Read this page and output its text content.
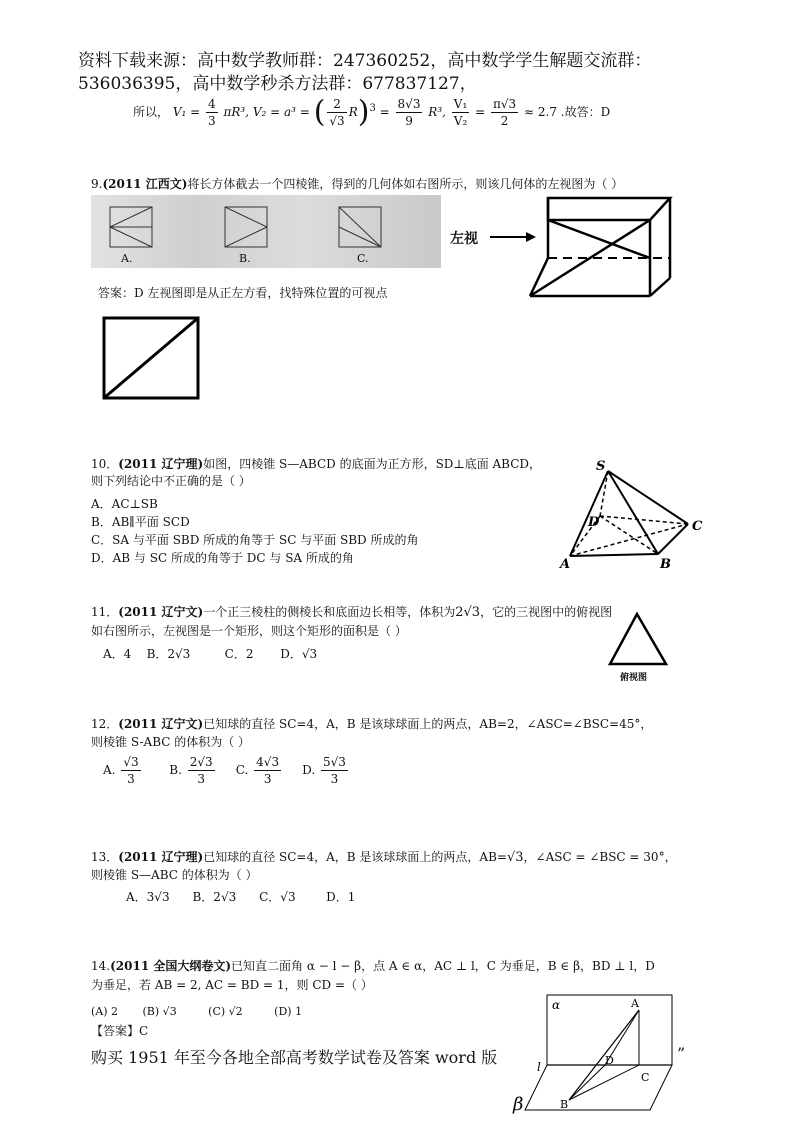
资料下载来源：高中数学教师群：247360252，高中数学学生解题交流群：
536036395，高中数学秒杀方法群：677837127，
所以， $V_1 = \frac{4}{3} \pi R^3$, V₂ = a³ = ( $\frac{2}{√3} R)^3 = \frac{8√3}{9} R^3$, $\frac{\text{V₁}}{\text{V₂}} = \frac{\pi√3}{2} \approx 2.7$ .故答：D
9.(2011 江西文)将长方体截去一个四棱锥，得到的几何体如右图所示，则该几何体的左视图为（ ）
A.	B.	C.
左视
答案：D 左视图即是从正左方看，找特殊位置的可视点
10．(2011 辽宁理)如图，四棱锥 S—ABCD 的底面为正方形，SD⊥底面 ABCD，
则下列结论中不正确的是（ ）
A．AC⊥SB
B．AB∥平面 SCD
C．SA 与平面 SBD 所成的角等于 SC 与平面 SBD 所成的角
D．AB 与 SC 所成的角等于 DC 与 SA 所成的角
S
D	C
A	B
11．(2011 辽宁文)一个正三棱柱的侧棱长和底面边长相等，体积为2√3，它的三视图中的俯视图
如右图所示，左视图是一个矩形，则这个矩形的面积是（ ）
A．4 B．2√3	C．2 D．√3
俯视图
12．(2011 辽宁文)已知球的直径 SC=4，A，B 是该球球面上的两点，AB=2，∠ASC=∠BSC=45°，
则棱锥 S-ABC 的体积为（ ）
A. $\frac{√3}{3} B$. $\frac{2√3}{3} C$. $\frac{4√3}{3} D$. $\frac{5√3}{3}$
13．(2011 辽宁理)已知球的直径 SC=4，A，B 是该球球面上的两点，AB=√3，∠ASC = ∠BSC = 30°，
则棱锥 S—ABC 的体积为（ ）
A．3√3 B．2√3 C．√3	D．1
14.(2011 全国大纲卷文)已知直二面角 α − l − β，点 A ∈ α，AC ⊥ l，C 为垂足，B ∈ β，BD ⊥ l，D
为垂足，若 AB = 2, AC = BD = 1，则 CD =（ ）
(A) 2 (B) √3	(C) √2	(D) 1
【答案】C
购买 1951 年至今各地全部高考数学试卷及答案 word 版
α	A
D
C
B
β
l
”
